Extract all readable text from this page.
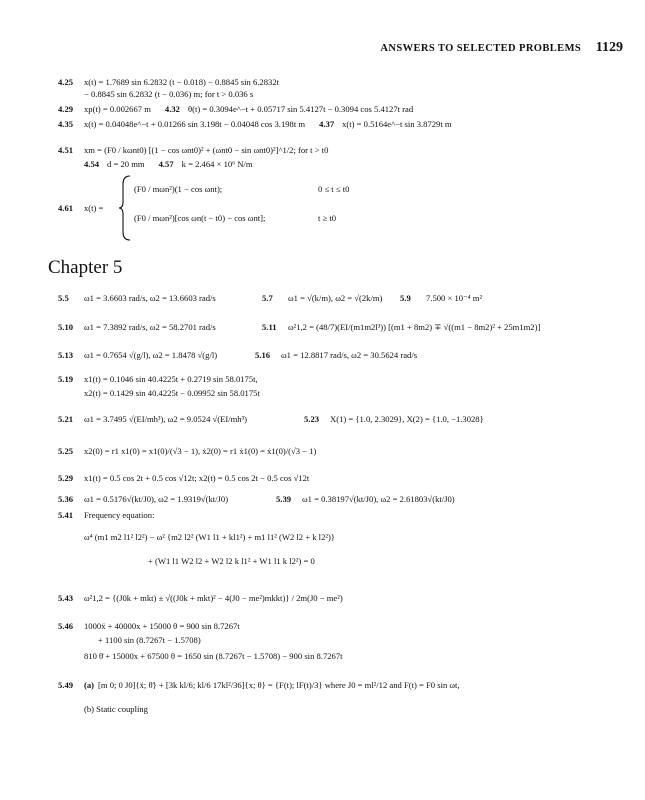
ANSWERS TO SELECTED PROBLEMS 1129
4.25 x(t) = 1.7689 sin 6.2832 (t − 0.018) − 0.8845 sin 6.2832t
− 0.8845 sin 6.2832 (t − 0.036) m; for t > 0.036 s
4.29 xp(t) = 0.002667 m 4.32 θ(t) = 0.3094e^−t + 0.05717 sin 5.4127t − 0.3094 cos 5.4127t rad
4.35 x(t) = 0.04048e^−t + 0.01266 sin 3.198t − 0.04048 cos 3.198t m 4.37 x(t) = 0.5164e^−t sin 3.8729t m
4.51 xm = (F0 / kωnt0) [(1 − cos ωnt0)² + (ωnt0 − sin ωnt0)²]^1/2; for t > t0
4.54 d = 20 mm 4.57 k = 2.464 × 10⁶ N/m
4.61 x(t) =
(F0 / mωn²)(1 − cos ωnt);	0 ≤ t ≤ t0
(F0 / mωn²)[cos ωn(t − t0) − cos ωnt];	t ≥ t0
Chapter 5
5.5 ω1 = 3.6603 rad/s, ω2 = 13.6603 rad/s	5.7 ω1 = √(k/m), ω2 = √(2k/m) 5.9 7.500 × 10⁻⁴ m²
5.10 ω1 = 7.3892 rad/s, ω2 = 58.2701 rad/s	5.11 ω²1,2 = (48/7)(EI/(m1m2l³)) [(m1 + 8m2) ∓ √((m1 − 8m2)² + 25m1m2)]
5.13 ω1 = 0.7654 √(g/l), ω2 = 1.8478 √(g/l)	5.16 ω1 = 12.8817 rad/s, ω2 = 30.5624 rad/s
5.19 x1(t) = 0.1046 sin 40.4225t + 0.2719 sin 58.0175t,
x2(t) = 0.1429 sin 40.4225t − 0.09952 sin 58.0175t
5.21 ω1 = 3.7495 √(EI/mh³), ω2 = 9.0524 √(EI/mh³)	5.23 X(1) = {1.0, 2.3029}, X(2) = {1.0, −1.3028}
5.25 x2(0) = r1 x1(0) = x1(0)/(√3 − 1), ẋ2(0) = r1 ẋ1(0) = ẋ1(0)/(√3 − 1)
5.29 x1(t) = 0.5 cos 2t + 0.5 cos √12t; x2(t) = 0.5 cos 2t − 0.5 cos √12t
5.36 ω1 = 0.5176√(kt/J0), ω2 = 1.9319√(kt/J0)	5.39 ω1 = 0.38197√(kt/J0), ω2 = 2.61803√(kt/J0)
5.41 Frequency equation:
ω⁴ (m1 m2 l1² l2²) − ω² {m2 l2² (W1 l1 + kl1²) + m1 l1² (W2 l2 + k l2²)}
+ (W1 l1 W2 l2 + W2 l2 k l1² + W1 l1 k l2²) = 0
5.43 ω²1,2 = {(J0k + mkt) ± √((J0k + mkt)² − 4(J0 − me²)mkkt)} / 2m(J0 − me²)
5.46 1000ẍ + 40000x + 15000 θ = 900 sin 8.7267t
+ 1100 sin (8.7267t − 1.5708)
810 θ̈ + 15000x + 67500 θ = 1650 sin (8.7267t − 1.5708) − 900 sin 8.7267t
5.49 (a) [m 0; 0 J0]{ẍ; θ̈} + [3k kl/6; kl/6 17kl²/36]{x; θ} = {F(t); lF(t)/3} where J0 = ml²/12 and F(t) = F0 sin ωt,
(b) Static coupling
